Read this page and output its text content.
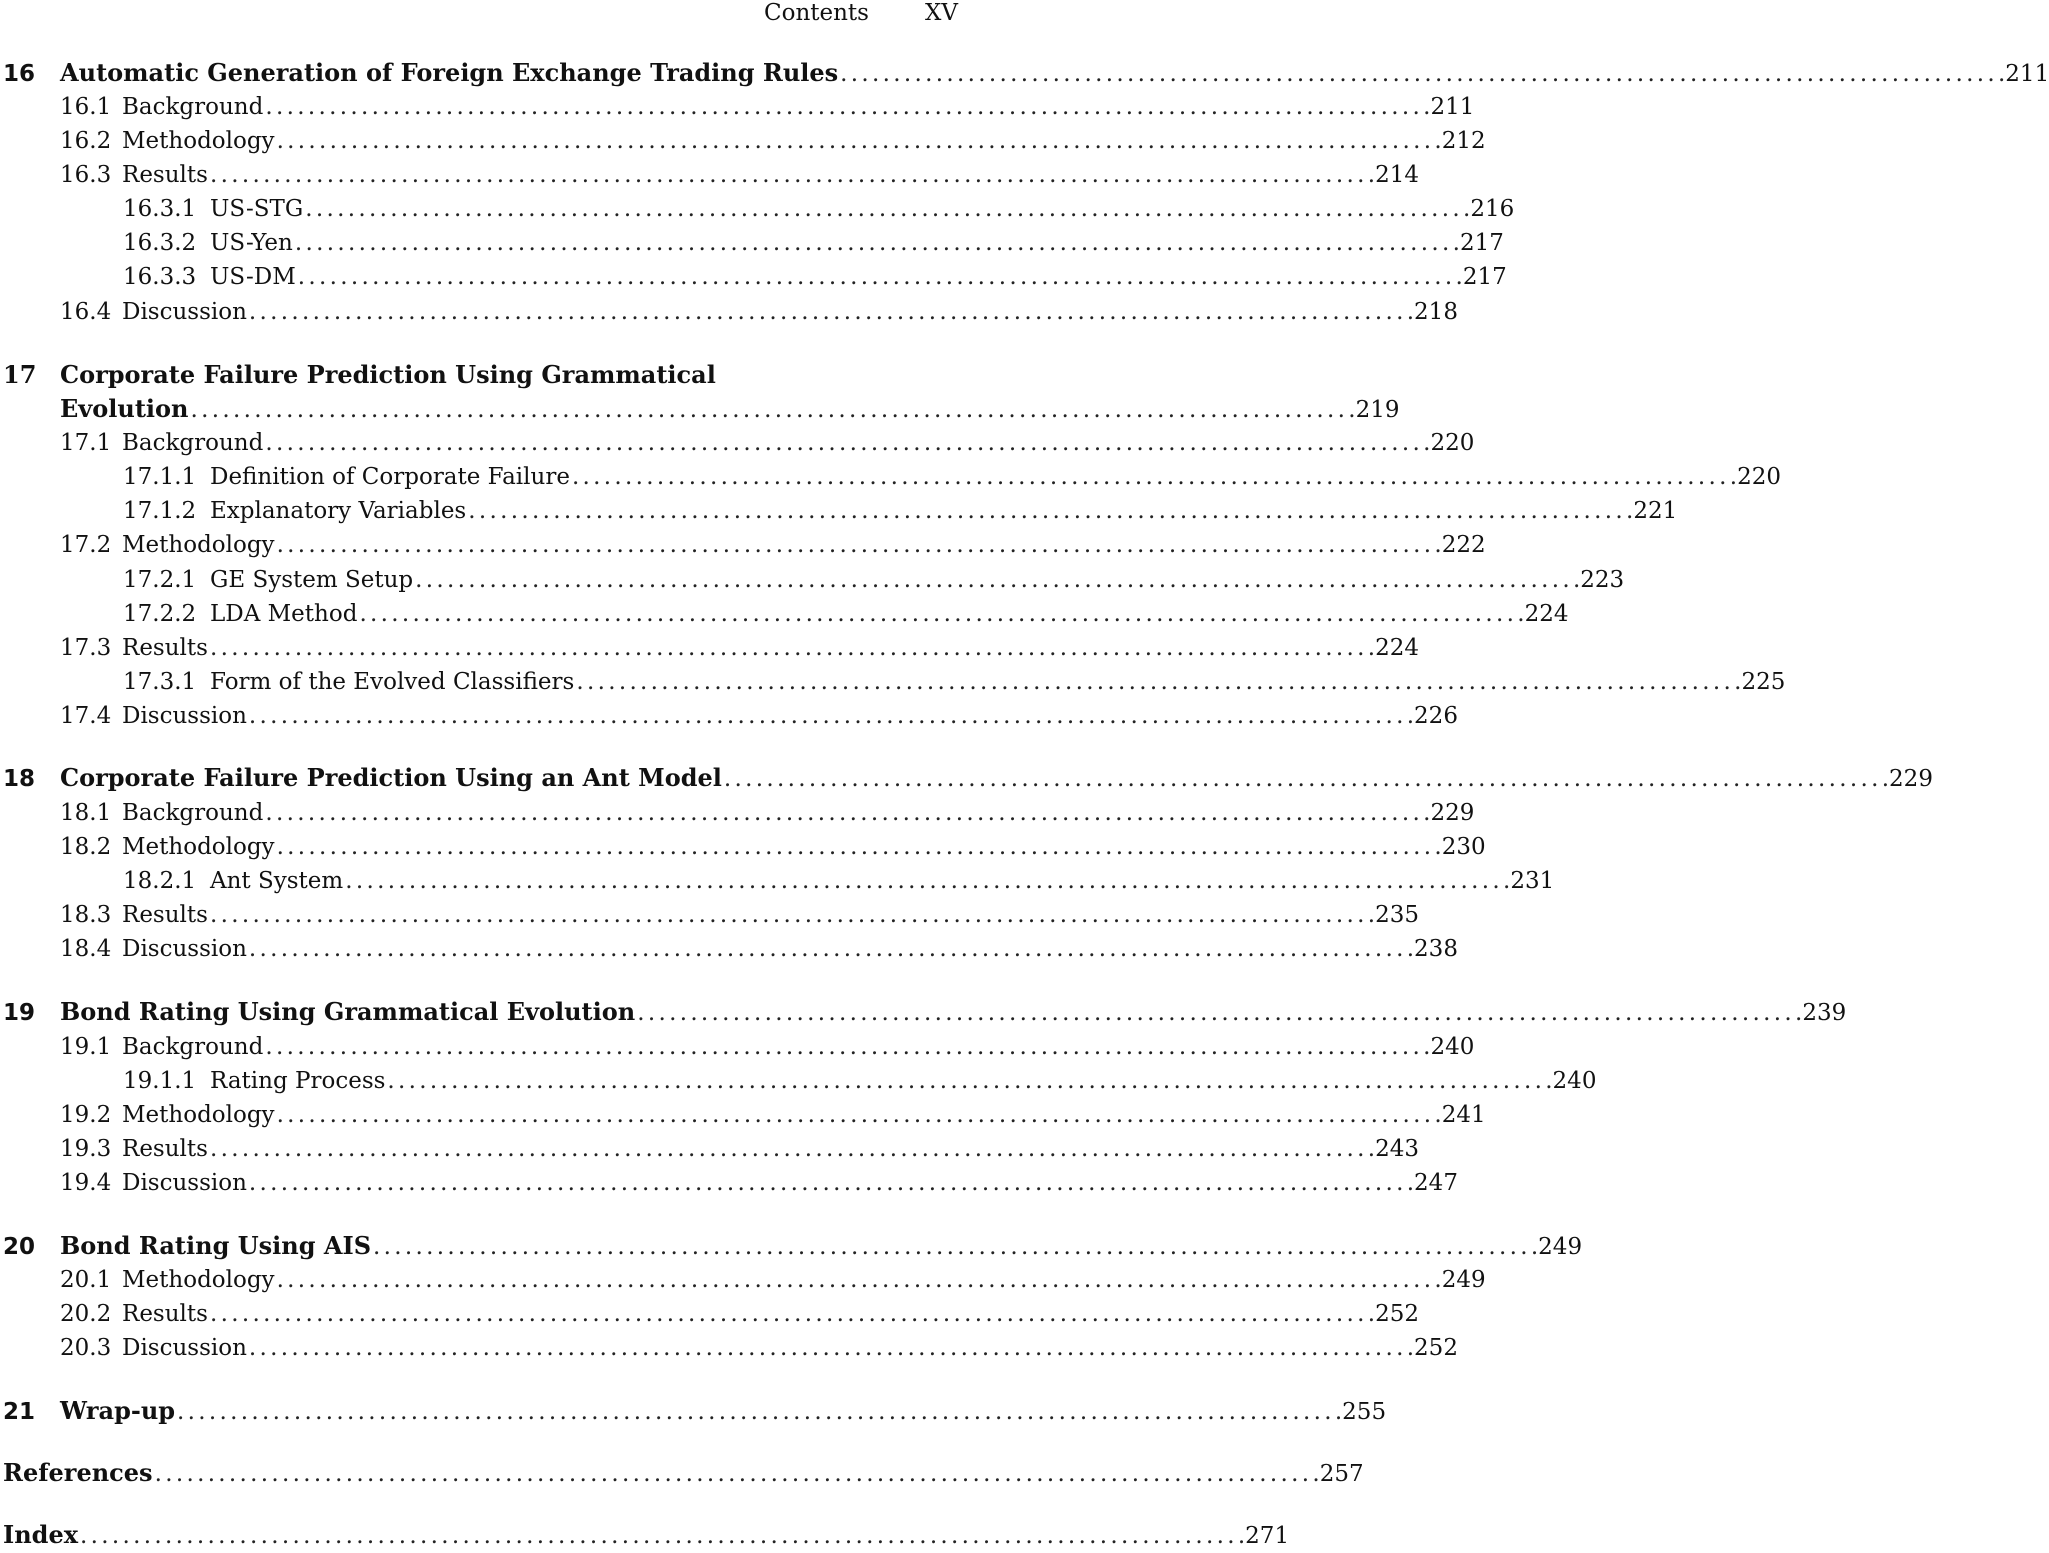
Contents XV
16	Automatic Generation of Foreign Exchange Trading Rules . . .	211
16.1 Background . . .	211
16.2 Methodology . . .	212
16.3 Results . . .	214
16.3.1 US-STG . . .	216
16.3.2 US-Yen . . .	217
16.3.3 US-DM . . .	217
16.4 Discussion . . .	218
17 Corporate Failure Prediction Using Grammatical
Evolution . . .	219
17.1 Background . . .	220
17.1.1 Definition of Corporate Failure . . .	220
17.1.2 Explanatory Variables . . .	221
17.2 Methodology . . .	222
17.2.1 GE System Setup . . .	223
17.2.2 LDA Method . . .	224
17.3 Results . . .	224
17.3.1 Form of the Evolved Classifiers . . .	225
17.4 Discussion . . .	226
18	Corporate Failure Prediction Using an Ant Model . . .	229
18.1 Background . . .	229
18.2 Methodology . . .	230
18.2.1 Ant System . . .	231
18.3 Results . . .	235
18.4 Discussion . . .	238
19	Bond Rating Using Grammatical Evolution . . .	239
19.1 Background . . .	240
19.1.1 Rating Process . . .	240
19.2 Methodology . . .	241
19.3 Results . . .	243
19.4 Discussion . . .	247
20	Bond Rating Using AIS . . .	249
20.1 Methodology . . .	249
20.2 Results . . .	252
20.3 Discussion . . .	252
21	Wrap-up . . .	255
References . . .	257
Index . . .	271
